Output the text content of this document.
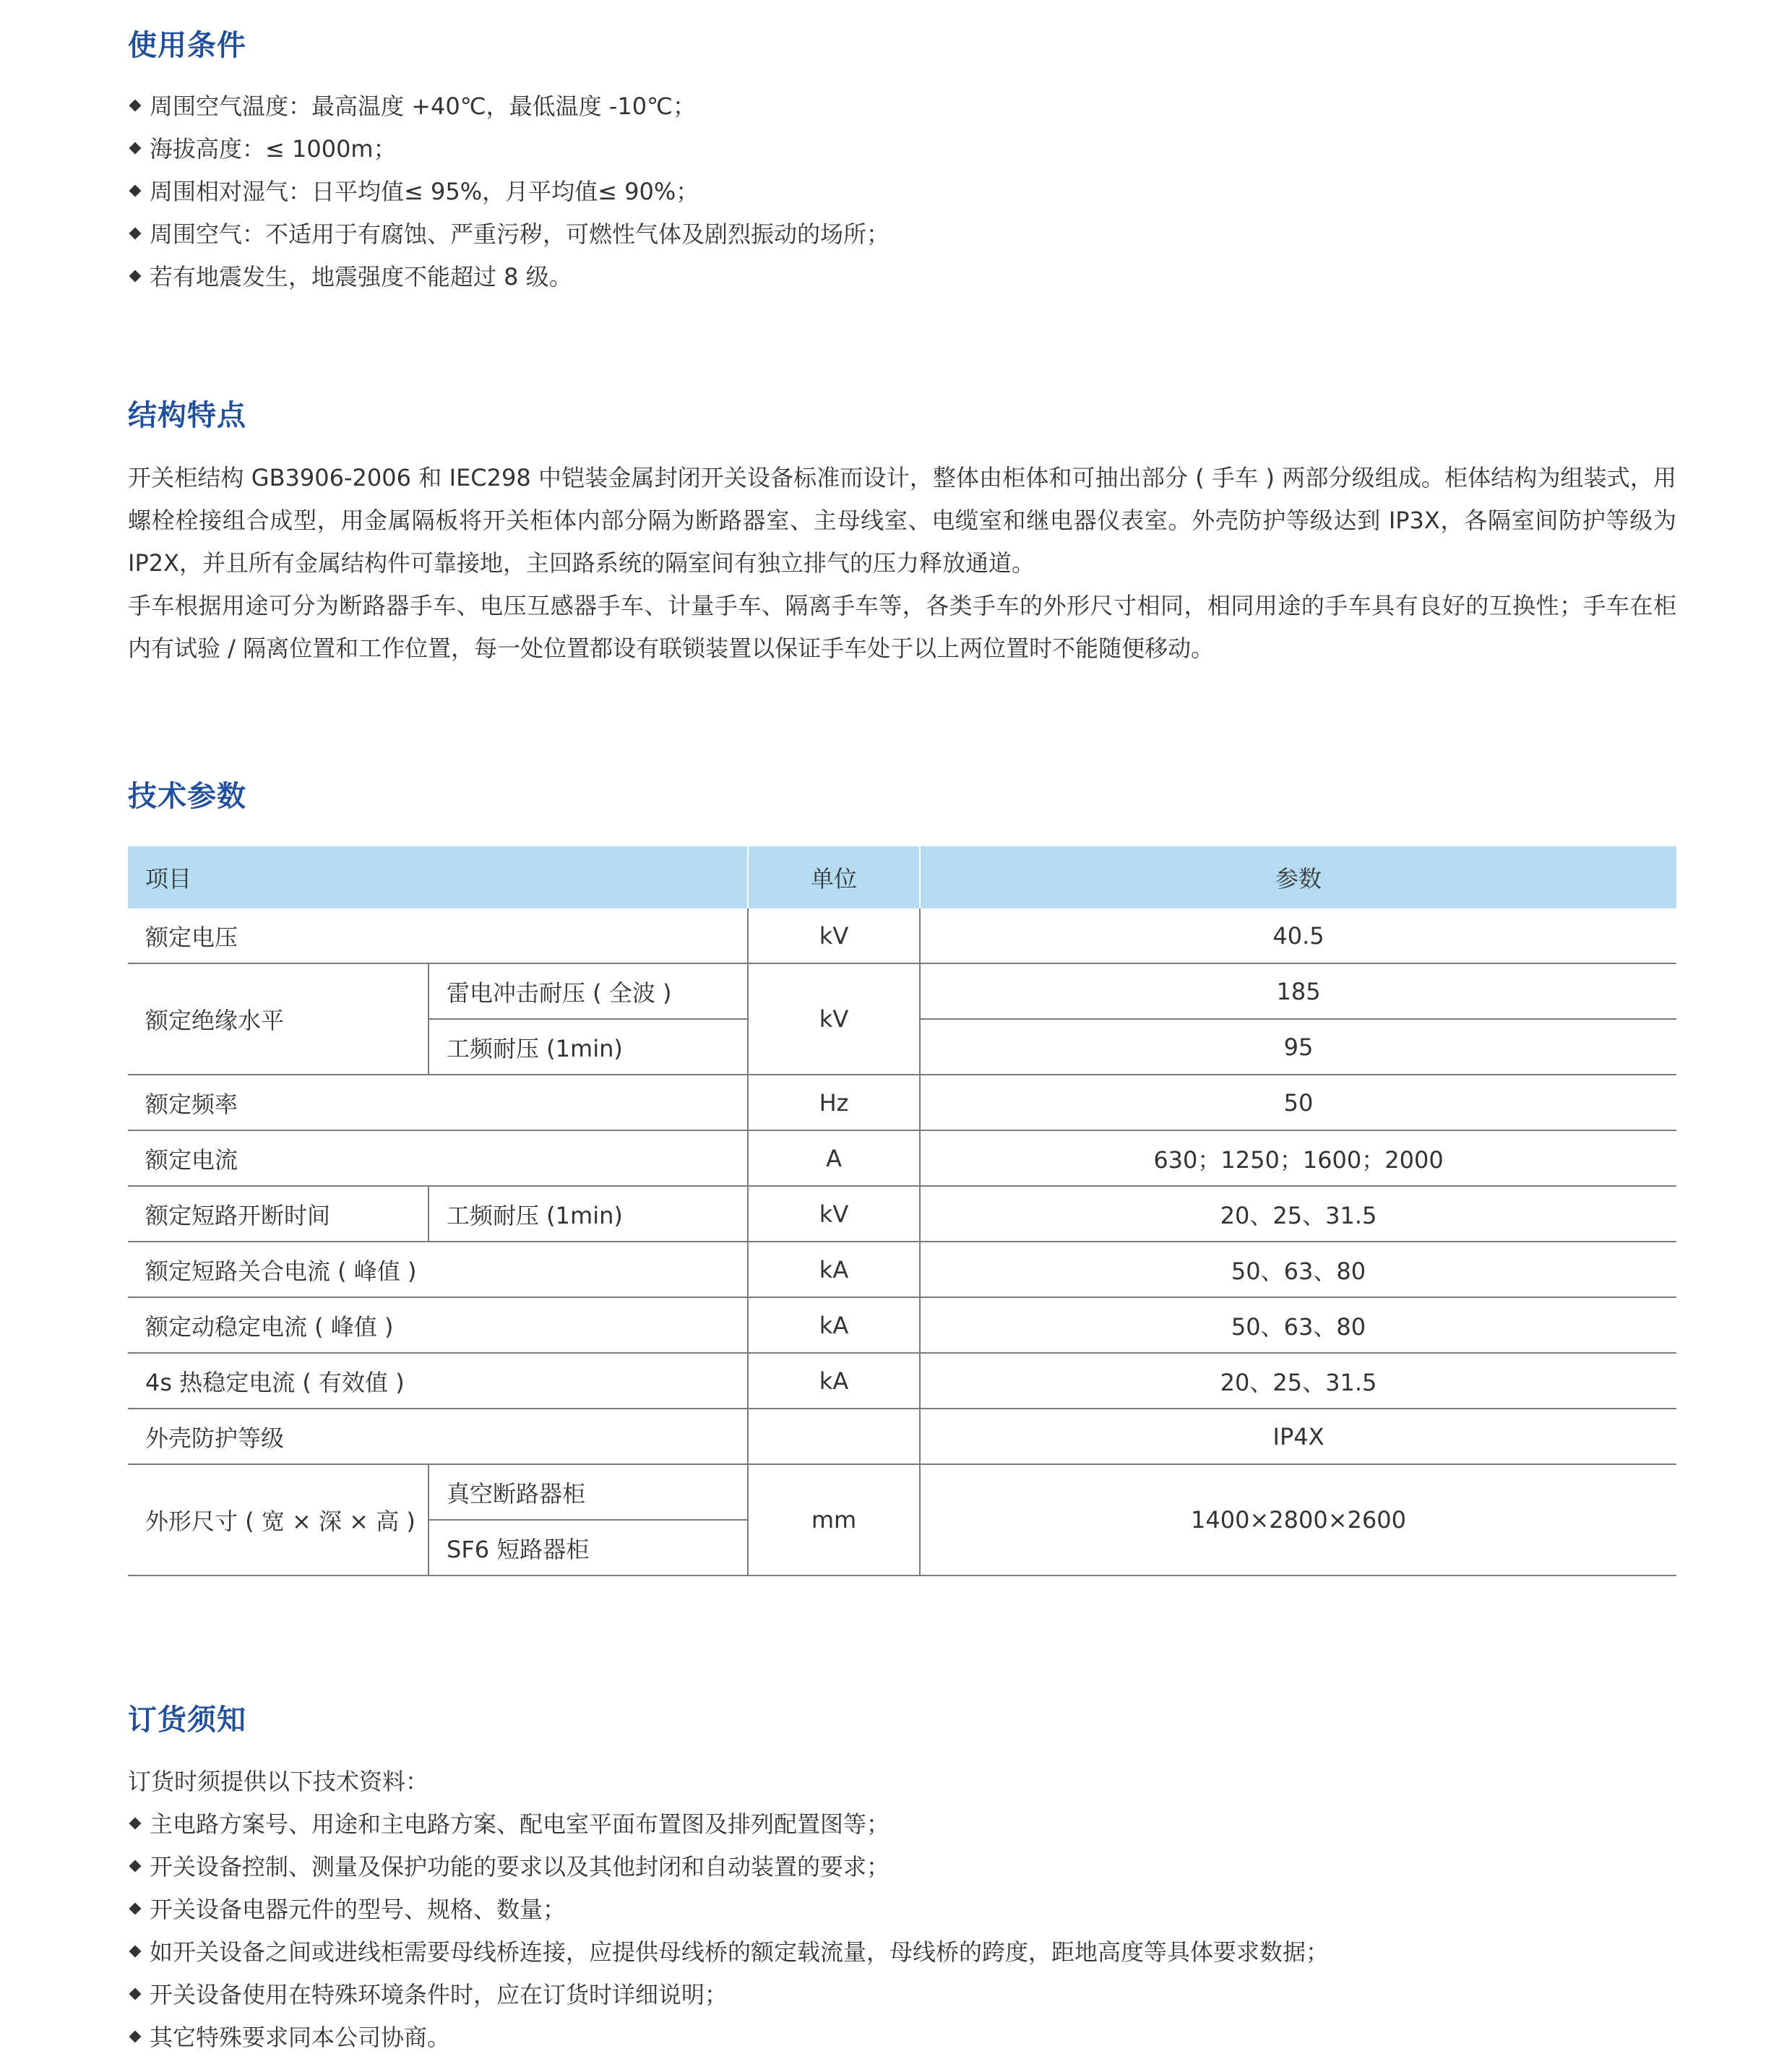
使用条件
周围空气温度：最高温度 +40℃，最低温度 -10℃；
海拔高度：≤ 1000m；
周围相对湿气：日平均值≤ 95%，月平均值≤ 90%；
周围空气：不适用于有腐蚀、严重污秽，可燃性气体及剧烈振动的场所；
若有地震发生，地震强度不能超过 8 级。
结构特点

开关柜结构 GB3906-2006 和 IEC298 中铠装金属封闭开关设备标准而设计，整体由柜体和可抽出部分 ( 手车 ) 两部分级组成。柜体结构为组装式，用螺栓栓接组合成型，用金属隔板将开关柜体内部分隔为断路器室、主母线室、电缆室和继电器仪表室。外壳防护等级达到 IP3X，各隔室间防护等级为 IP2X，并且所有金属结构件可靠接地，主回路系统的隔室间有独立排气的压力释放通道。

手车根据用途可分为断路器手车、电压互感器手车、计量手车、隔离手车等，各类手车的外形尺寸相同，相同用途的手车具有良好的互换性；手车在柜内有试验 / 隔离位置和工作位置，每一处位置都设有联锁装置以保证手车处于以上两位置时不能随便移动。

技术参数
项目		单位	参数
额定电压		kV	40.5
额定绝缘水平	雷电冲击耐压 ( 全波 )	kV	185
	工频耐压 (1min)		95
额定频率		Hz	50
额定电流		A	630；1250；1600；2000
额定短路开断时间	工频耐压 (1min)	kV	20、25、31.5
额定短路关合电流 ( 峰值 )		kA	50、63、80
额定动稳定电流 ( 峰值 )		kA	50、63、80
4s 热稳定电流 ( 有效值 )		kA	20、25、31.5
外壳防护等级			IP4X
外形尺寸 ( 宽 × 深 × 高 )	真空断路器柜	mm	1400×2800×2600
	SF6 短路器柜		
订货须知
订货时须提供以下技术资料：
主电路方案号、用途和主电路方案、配电室平面布置图及排列配置图等；
开关设备控制、测量及保护功能的要求以及其他封闭和自动装置的要求；
开关设备电器元件的型号、规格、数量；
如开关设备之间或进线柜需要母线桥连接，应提供母线桥的额定载流量，母线桥的跨度，距地高度等具体要求数据；
开关设备使用在特殊环境条件时，应在订货时详细说明；
其它特殊要求同本公司协商。
